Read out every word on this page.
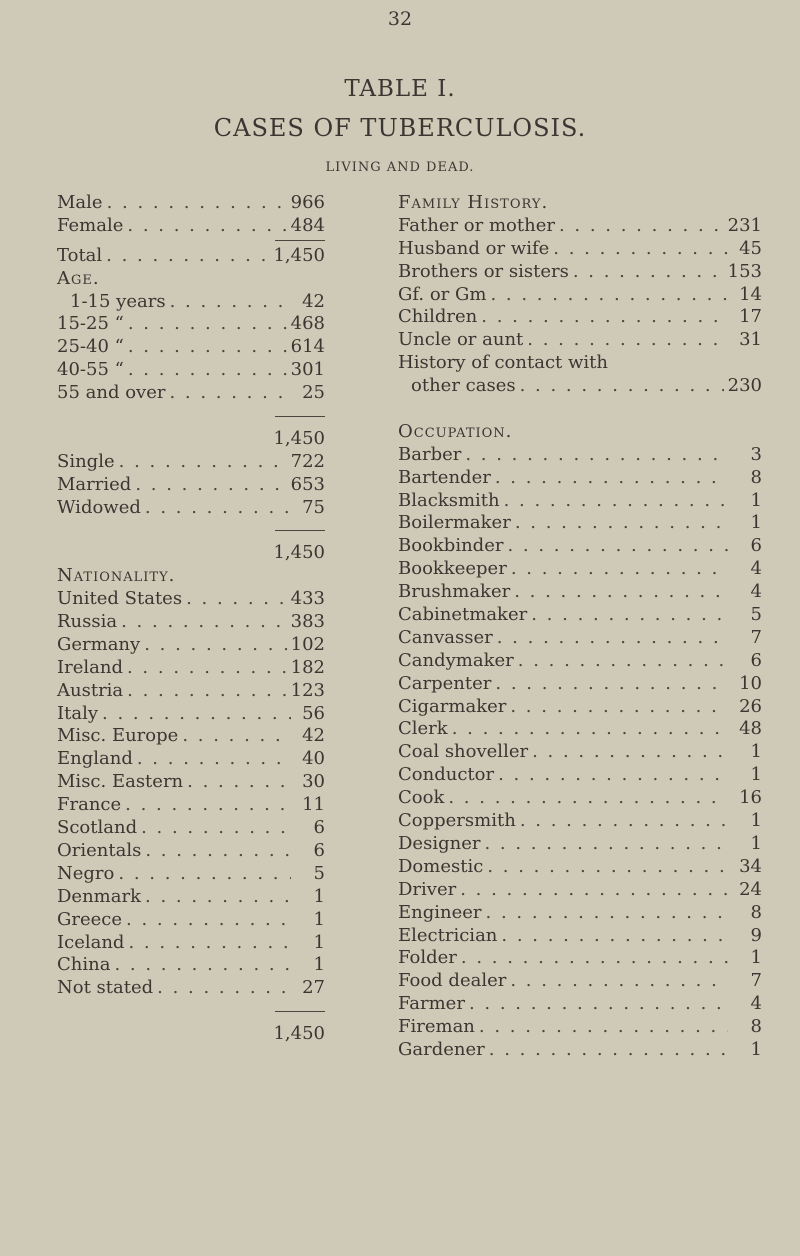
32
TABLE I.
CASES OF TUBERCULOSIS.
LIVING AND DEAD.
Male . . .	966
Female . . .	484
Total . . .	1,450
Age.
1-15 years . . .	42
15-25 “ . . .	468
25-40 “ . . .	614
40-55 “ . . .	301
55 and over . . .	25
1,450
Single . . .	722
Married . . .	653
Widowed . . .	75
1,450
Nationality.
United States . . .	433
Russia . . .	383
Germany . . .	102
Ireland . . .	182
Austria . . .	123
Italy . . .	56
Misc. Europe . . .	42
England . . .	40
Misc. Eastern . . .	30
France . . .	11
Scotland . . .	6
Orientals . . .	6
Negro . . .	5
Denmark . . .	1
Greece . . .	1
Iceland . . .	1
China . . .	1
Not stated . . .	27
1,450
Family History.
Father or mother . . .	231
Husband or wife . . .	45
Brothers or sisters . . .	153
Gf. or Gm . . .	14
Children . . .	17
Uncle or aunt . . .	31
History of contact with
other cases . . .	230
Occupation.
Barber . . .	3
Bartender . . .	8
Blacksmith . . .	1
Boilermaker . . .	1
Bookbinder . . .	6
Bookkeeper . . .	4
Brushmaker . . .	4
Cabinetmaker . . .	5
Canvasser . . .	7
Candymaker . . .	6
Carpenter . . .	10
Cigarmaker . . .	26
Clerk . . .	48
Coal shoveller . . .	1
Conductor . . .	1
Cook . . .	16
Coppersmith . . .	1
Designer . . .	1
Domestic . . .	34
Driver . . .	24
Engineer . . .	8
Electrician . . .	9
Folder . . .	1
Food dealer . . .	7
Farmer . . .	4
Fireman . . .	8
Gardener . . .	1
